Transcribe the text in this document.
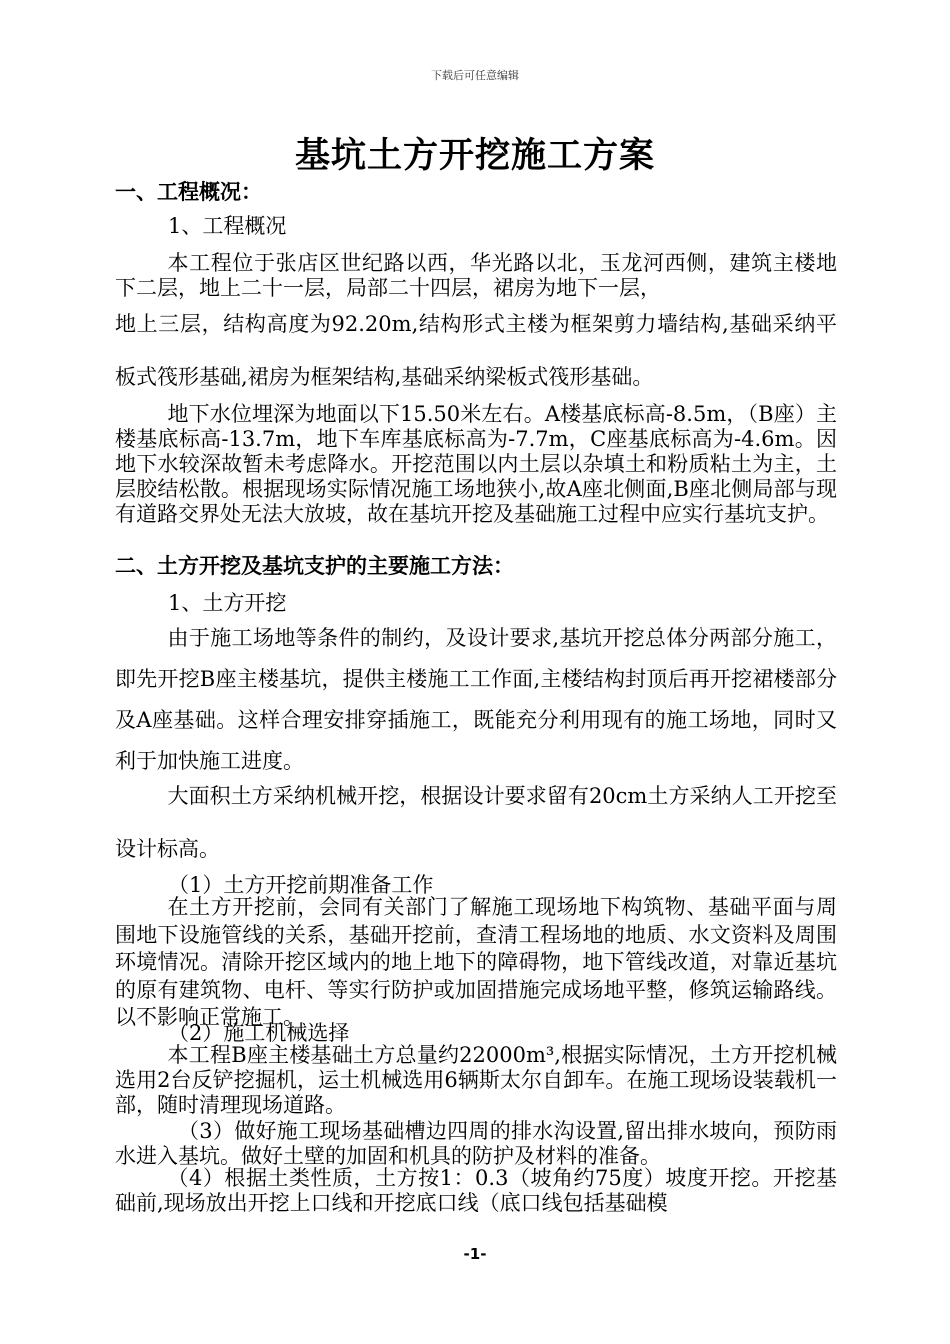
下载后可任意编辑
基坑土方开挖施工方案
一、工程概况：
1、工程概况

本工程位于张店区世纪路以西，华光路以北，玉龙河西侧，建筑主楼地下二层，地上二十一层，局部二十四层，裙房为地下一层，

地上三层，结构高度为92.20m,结构形式主楼为框架剪力墙结构,基础采纳平板式筏形基础,裙房为框架结构,基础采纳梁板式筏形基础。

地下水位埋深为地面以下15.50米左右。A楼基底标高-8.5m，（B座）主楼基底标高-13.7m，地下车库基底标高为-7.7m，C座基底标高为-4.6m。因地下水较深故暂未考虑降水。开挖范围以内土层以杂填土和粉质粘土为主，土层胶结松散。根据现场实际情况施工场地狭小,故A座北侧面,B座北侧局部与现有道路交界处无法大放坡，故在基坑开挖及基础施工过程中应实行基坑支护。

二、土方开挖及基坑支护的主要施工方法：
1、土方开挖

由于施工场地等条件的制约，及设计要求,基坑开挖总体分两部分施工，即先开挖B座主楼基坑，提供主楼施工工作面,主楼结构封顶后再开挖裙楼部分及A座基础。这样合理安排穿插施工，既能充分利用现有的施工场地，同时又利于加快施工进度。

大面积土方采纳机械开挖，根据设计要求留有20cm土方采纳人工开挖至设计标高。

（1）土方开挖前期准备工作

在土方开挖前，会同有关部门了解施工现场地下构筑物、基础平面与周围地下设施管线的关系，基础开挖前，查清工程场地的地质、水文资料及周围环境情况。清除开挖区域内的地上地下的障碍物，地下管线改道，对靠近基坑的原有建筑物、电杆、等实行防护或加固措施完成场地平整，修筑运输路线。以不影响正常施工。

（2）施工机械选择

本工程B座主楼基础土方总量约22000m³,根据实际情况，土方开挖机械选用2台反铲挖掘机，运土机械选用6辆斯太尔自卸车。在施工现场设装载机一部，随时清理现场道路。

（3）做好施工现场基础槽边四周的排水沟设置,留出排水坡向，预防雨水进入基坑。做好土壁的加固和机具的防护及材料的准备。

（4）根据土类性质，土方按1：0.3（坡角约75度）坡度开挖。开挖基础前,现场放出开挖上口线和开挖底口线（底口线包括基础模

-1-
